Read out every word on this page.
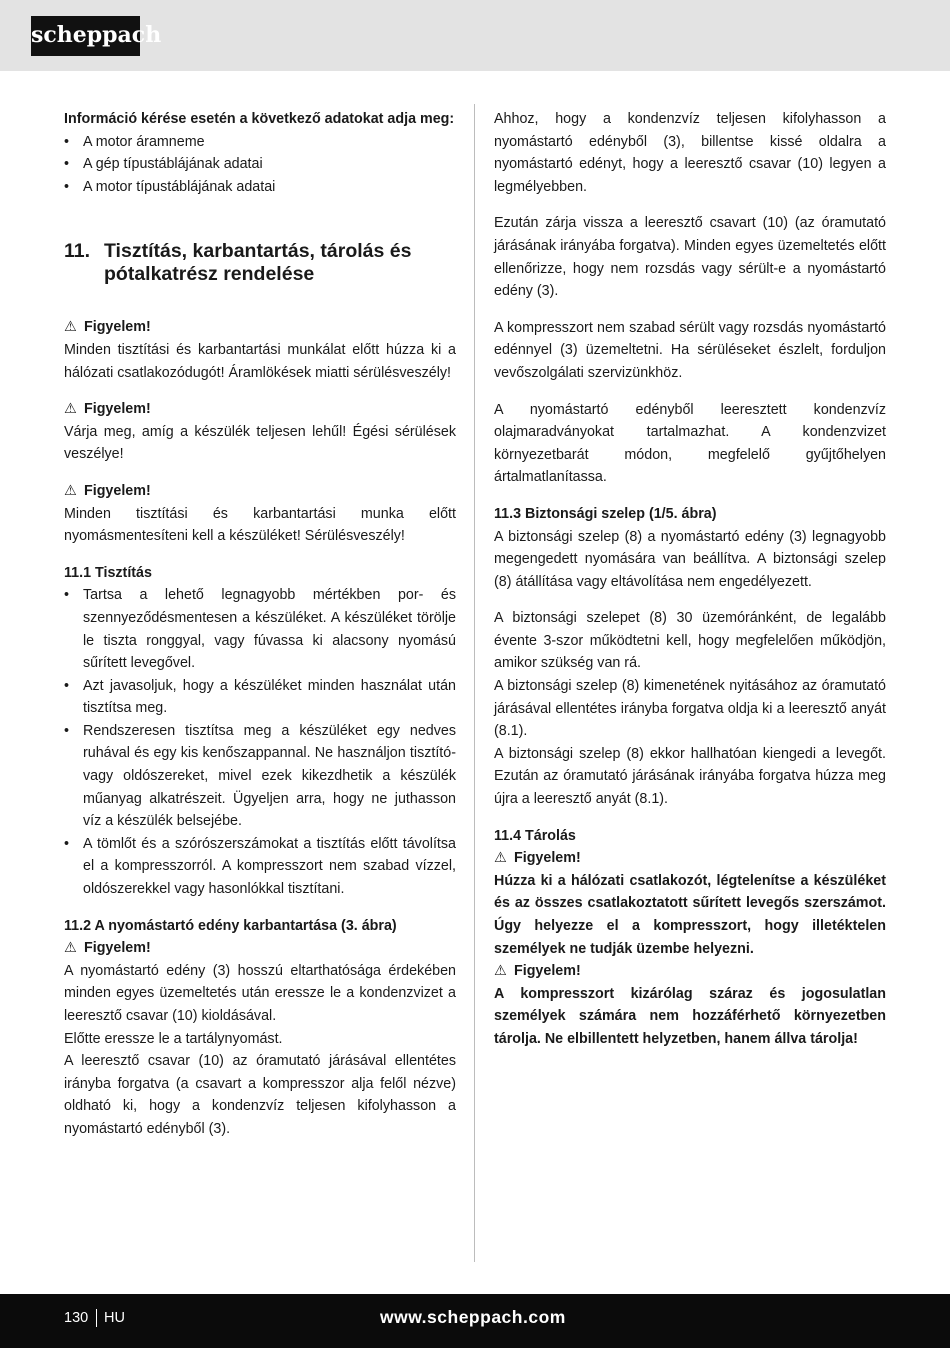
scheppach

Információ kérése esetén a következő adatokat adja meg:

• A motor áramneme
• A gép típustáblájának adatai
• A motor típustáblájának adatai
11. Tisztítás, karbantartás, tárolás és pótalkatrész rendelése

⚠ Figyelem!
Minden tisztítási és karbantartási munkálat előtt húzza ki a hálózati csatlakozódugót! Áramlökések miatti sérülésveszély!

⚠ Figyelem!
Várja meg, amíg a készülék teljesen lehűl! Égési sérülések veszélye!

⚠ Figyelem!
Minden tisztítási és karbantartási munka előtt nyomásmentesíteni kell a készüléket! Sérülésveszély!

11.1 Tisztítás

• Tartsa a lehető legnagyobb mértékben por- és szennyeződésmentesen a készüléket. A készüléket törölje le tiszta ronggyal, vagy fúvassa ki alacsony nyomású sűrített levegővel.
• Azt javasoljuk, hogy a készüléket minden használat után tisztítsa meg.
• Rendszeresen tisztítsa meg a készüléket egy nedves ruhával és egy kis kenőszappannal. Ne használjon tisztító- vagy oldószereket, mivel ezek kikezdhetik a készülék műanyag alkatrészeit. Ügyeljen arra, hogy ne juthasson víz a készülék belsejébe.
• A tömlőt és a szórószerszámokat a tisztítás előtt távolítsa el a kompresszorról. A kompresszort nem szabad vízzel, oldószerekkel vagy hasonlókkal tisztítani.

11.2 A nyomástartó edény karbantartása (3. ábra)

⚠ Figyelem!

A nyomástartó edény (3) hosszú eltarthatósága érdekében minden egyes üzemeltetés után eressze le a kondenzvizet a leeresztő csavar (10) kioldásával.

Előtte eressze le a tartálynyomást.

A leeresztő csavar (10) az óramutató járásával ellentétes irányba forgatva (a csavart a kompresszor alja felől nézve) oldható ki, hogy a kondenzvíz teljesen kifolyhasson a nyomástartó edényből (3).

Ahhoz, hogy a kondenzvíz teljesen kifolyhasson a nyomástartó edényből (3), billentse kissé oldalra a nyomástartó edényt, hogy a leeresztő csavar (10) legyen a legmélyebben.

Ezután zárja vissza a leeresztő csavart (10) (az óramutató járásának irányába forgatva). Minden egyes üzemeltetés előtt ellenőrizze, hogy nem rozsdás vagy sérült-e a nyomástartó edény (3).

A kompresszort nem szabad sérült vagy rozsdás nyomástartó edénnyel (3) üzemeltetni. Ha sérüléseket észlelt, forduljon vevőszolgálati szervizünkhöz.

A nyomástartó edényből leeresztett kondenzvíz olajmaradványokat tartalmazhat. A kondenzvizet környezetbarát módon, megfelelő gyűjtőhelyen ártalmatlanítassa.

11.3 Biztonsági szelep (1/5. ábra)

A biztonsági szelep (8) a nyomástartó edény (3) legnagyobb megengedett nyomására van beállítva. A biztonsági szelep (8) átállítása vagy eltávolítása nem engedélyezett.

A biztonsági szelepet (8) 30 üzemóránként, de legalább évente 3-szor működtetni kell, hogy megfelelően működjön, amikor szükség van rá.

A biztonsági szelep (8) kimenetének nyitásához az óramutató járásával ellentétes irányba forgatva oldja ki a leeresztő anyát (8.1).

A biztonsági szelep (8) ekkor hallhatóan kiengedi a levegőt. Ezután az óramutató járásának irányába forgatva húzza meg újra a leeresztő anyát (8.1).

11.4 Tárolás

⚠ Figyelem!

Húzza ki a hálózati csatlakozót, légtelenítse a készüléket és az összes csatlakoztatott sűrített levegős szerszámot. Úgy helyezze el a kompresszort, hogy illetéktelen személyek ne tudják üzembe helyezni.

⚠ Figyelem!

A kompresszort kizárólag száraz és jogosulatlan személyek számára nem hozzáférhető környezetben tárolja. Ne elbillentett helyzetben, hanem állva tárolja!

130 HU	www.scheppach.com
